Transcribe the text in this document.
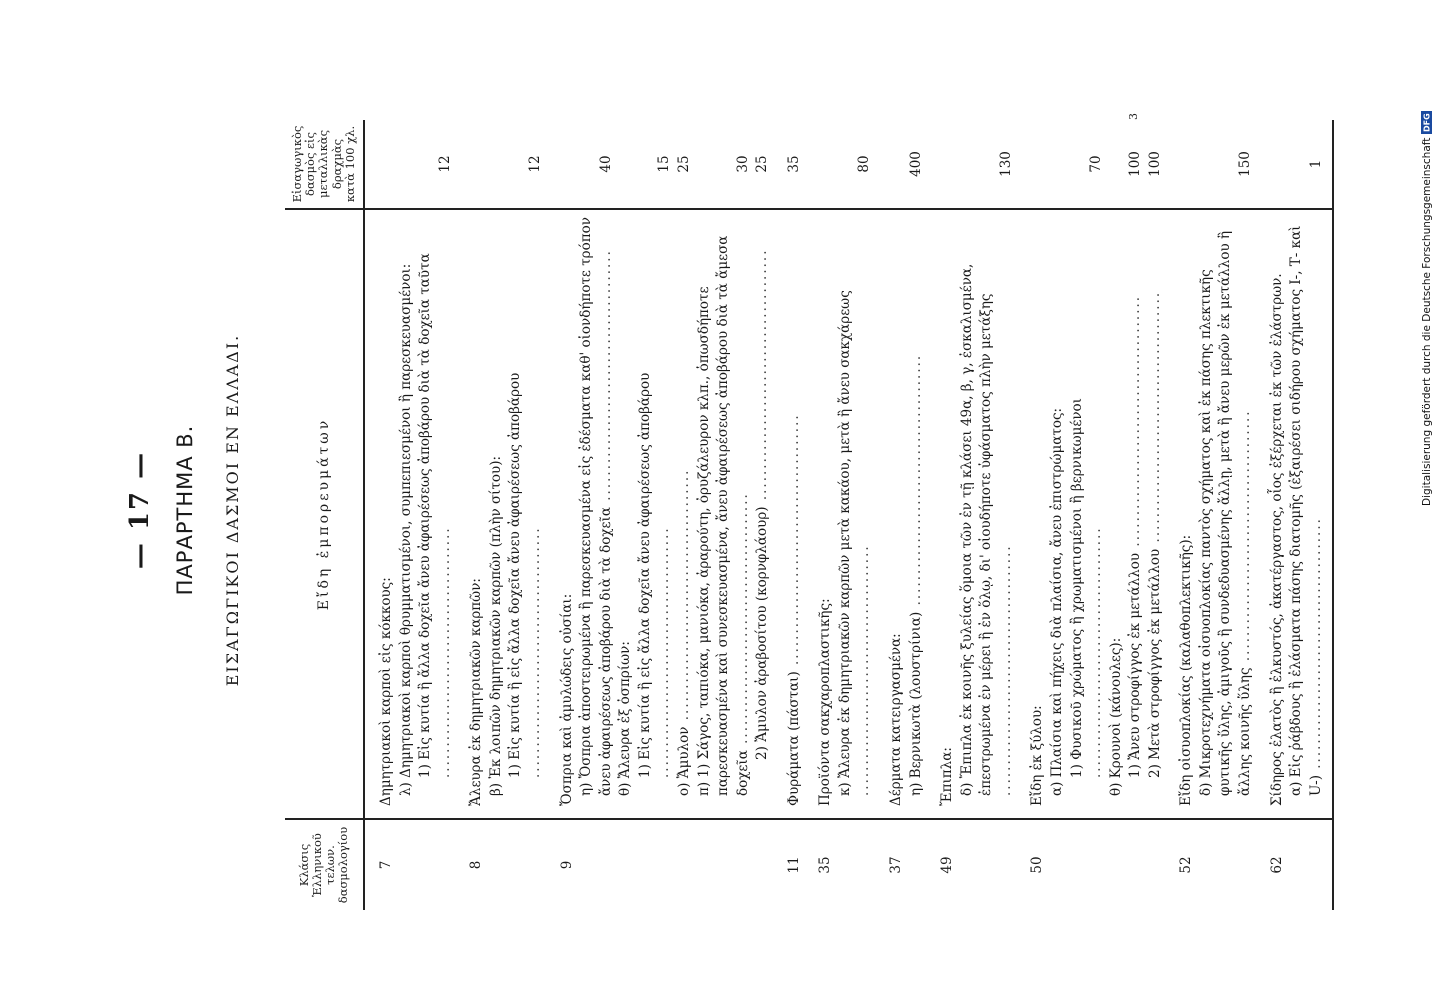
— 17 — ΠΑΡΑΡΤΗΜΑ Β. ΕΙΣΑΓΩΓΙΚΟΙ ΔΑΣΜΟΙ ΕΝ ΕΛΛΑΔΙ.
Κλάσις Ἑλληνικοῦ τελων. δασμολογίου	Εἴδη ἐμπορευμάτων	Εἰσαγωγικὸς δασμὸς εἰς μεταλλικὰς δραχμὰς κατὰ 100 χλ.
7	Δημητριακοὶ καρποὶ εἰς κόκκους:	
	λ) Δημητριακοὶ καρποὶ θρυμματισμένοι, συμπεπιεσμένοι ἢ παρεσκευασμένοι:	
	1) Εἰς κυτία ἢ ἄλλα δοχεῖα ἄνευ ἀφαιρέσεως ἀποβάρου διὰ τὰ δοχεῖα ταῦτα .....	12
8	Ἄλευρα ἐκ δημητριακῶν καρπῶν:	
	β) Ἐκ λοιπῶν δημητριακῶν καρπῶν (πλὴν σίτου):	
	1) Εἰς κυτία ἢ εἰς ἄλλα δοχεῖα ἄνευ ἀφαιρέσεως ἀποβάρου .....	12
9	Ὄσπρια καὶ ἀμυλώδεις οὐσίαι:	
	η) Ὄσπρια ἀποστειρωμένα ἢ παρεσκευασμένα εἰς ἐδέσματα καθ' οἱονδήποτε τρόπον ἄνευ ἀφαιρέσεως ἀποβάρου διὰ τὰ δοχεῖα .....	40
	θ) Ἄλευρα ἐξ ὀσπρίων:	
	1) Εἰς κυτία ἢ εἰς ἄλλα δοχεῖα ἄνευ ἀφαιρέσεως ἀποβάρου .....	15
	ο) Ἄμυλον .....	25
	π) 1) Σάγος, ταπιόκα, μανιόκα, ἀραρούτη, ὀρυζάλευρον κλπ., ὁπωσδήποτε παρεσκευασμένα καὶ συνεσκευασμένα, ἄνευ ἀφαιρέσεως ἀποβάρου διὰ τὰ ἄμεσα δοχεῖα .....	30
	2) Ἄμυλον ἀραβοσίτου (κορνφλάουρ) .....	25
11	Φυράματα (πάσται) .....	35
35	Προϊόντα σακχαροπλαστικῆς:	
	κ) Ἄλευρα ἐκ δημητριακῶν καρπῶν μετὰ κακάου, μετὰ ἢ ἄνευ σακχάρεως .....	80
37	Δέρματα κατειργασμένα:	
	η) Βερνικωτὰ (λουστρίνια) .....	400
49	Ἔπιπλα:	
	δ) Ἔπιπλα ἐκ κοινῆς ξυλείας ὅμοια τῶν ἐν τῇ κλάσει 49α, β, γ, ἐσκαλισμένα, ἐπεστρωμένα ἐν μέρει ἢ ἐν ὅλῳ, δι' οἱουδήποτε ὑφάσματος πλὴν μετάξης .....	130
50	Εἴδη ἐκ ξύλου:	
	α) Πλαίσια καὶ πήχεις διὰ πλαίσια, ἄνευ ἐπιστρώματος:	
	1) Φυσικοῦ χρώματος ἢ χρωματισμένοι ἢ βερνικωμένοι .....	70
	θ) Κρουνοὶ (κάνουλες):	
	1) Ἄνευ στροφίγγος ἐκ μετάλλου .....	100
	2) Μετὰ στροφίγγος ἐκ μετάλλου .....	100
52	Εἴδη οἰσυοπλοκίας (καλαθοπλεκτικῆς):	
	δ) Μικροτεχνήματα οἰσυοπλοκίας παντὸς σχήματος καὶ ἐκ πάσης πλεκτικῆς φυτικῆς ὕλης, ἀμιγοῦς ἢ συνδεδυασμένης ἄλλῃ, μετὰ ἢ ἄνευ μερῶν ἐκ μετάλλου ἢ ἄλλης κοινῆς ὕλης .....	150
62	Σίδηρος ἐλατὸς ἢ ἑλκυστός, ἀκατέργαστος, οἷος ἐξέρχεται ἐκ τῶν ἐλάστρων.	
	α) Εἰς ῥάβδους ἢ ἐλάσματα πάσης διατομῆς (ἐξαιρέσει σιδήρου σχήματος Ι-, Τ- καὶ U-) .....	1
3
Digitalisierung gefördert durch die Deutsche Forschungsgemeinschaft
DFG
